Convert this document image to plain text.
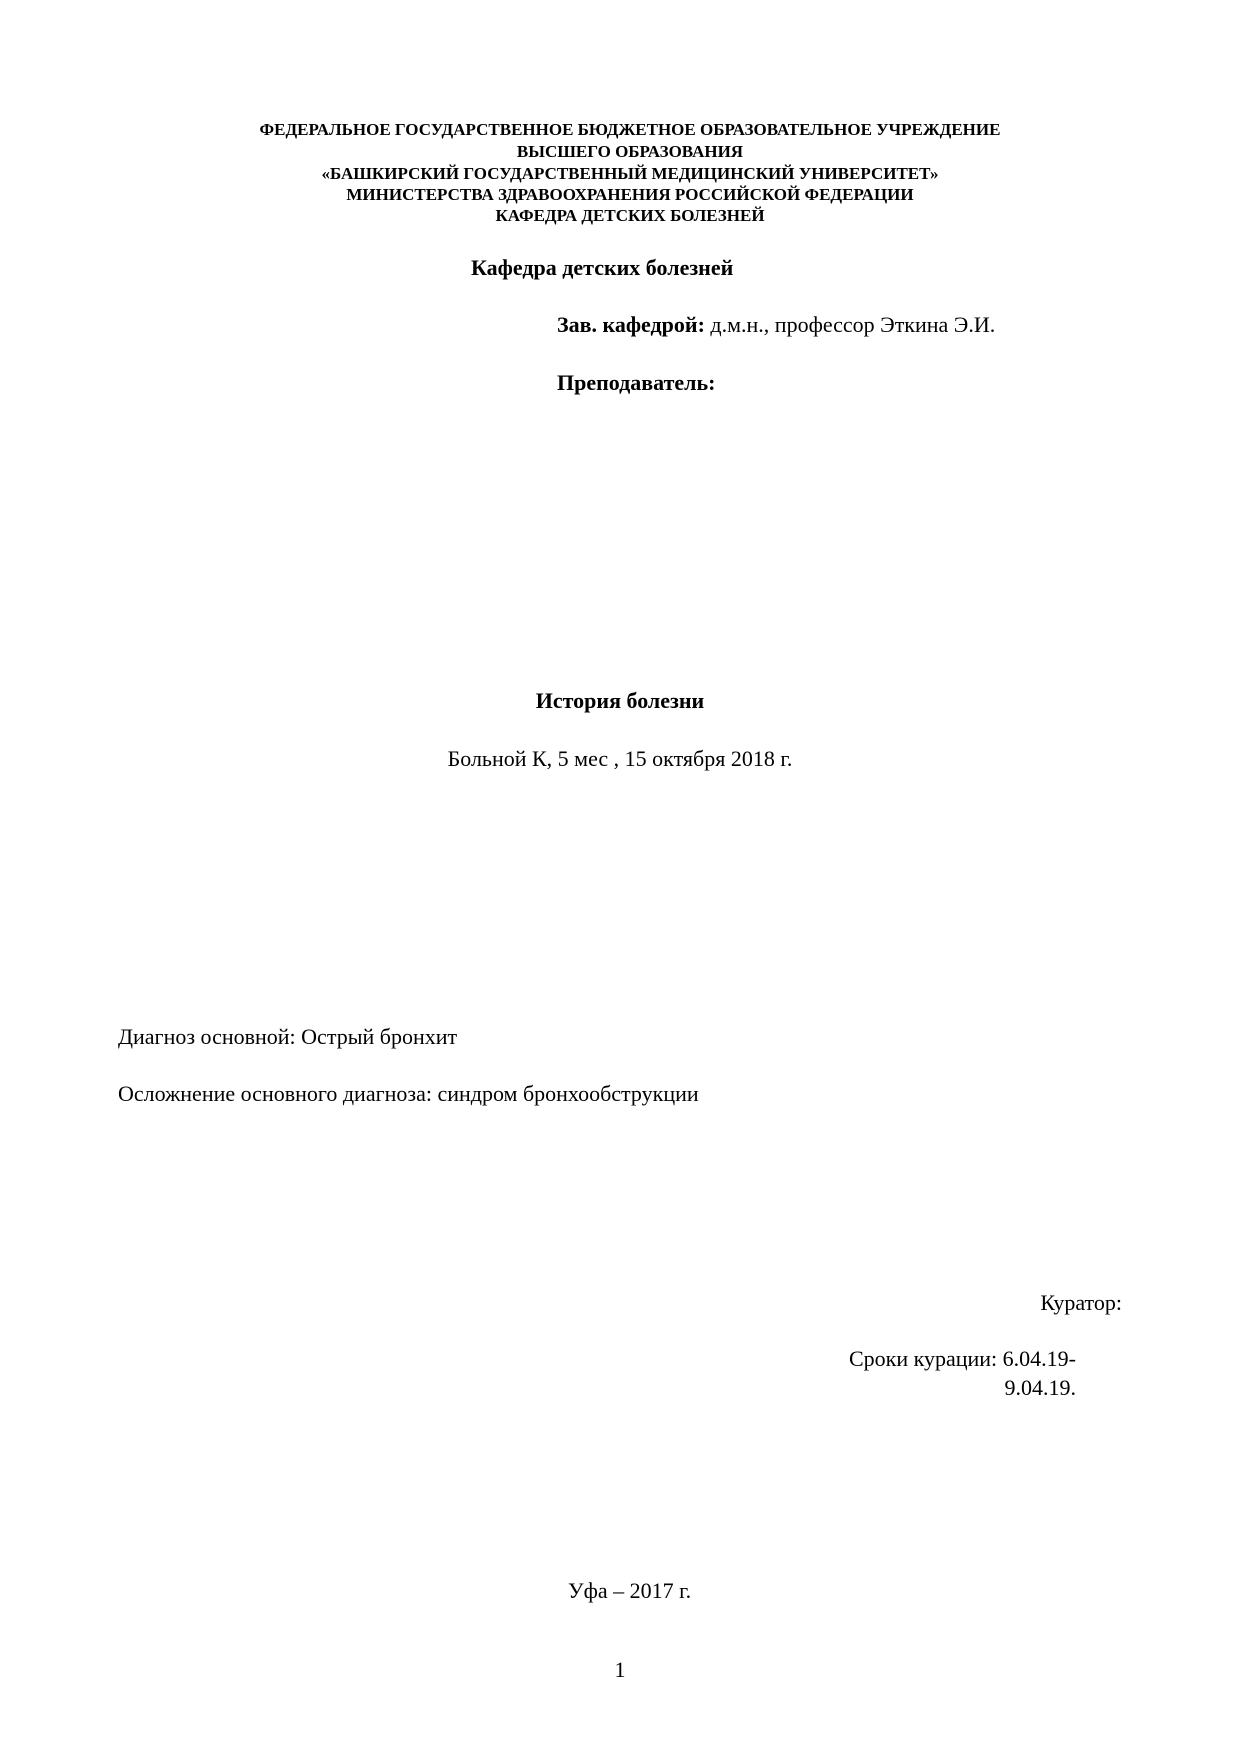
ФЕДЕРАЛЬНОЕ ГОСУДАРСТВЕННОЕ БЮДЖЕТНОЕ ОБРАЗОВАТЕЛЬНОЕ УЧРЕЖДЕНИЕ
ВЫСШЕГО ОБРАЗОВАНИЯ
«БАШКИРСКИЙ ГОСУДАРСТВЕННЫЙ МЕДИЦИНСКИЙ УНИВЕРСИТЕТ»
МИНИСТЕРСТВА ЗДРАВООХРАНЕНИЯ РОССИЙСКОЙ ФЕДЕРАЦИИ
КАФЕДРА ДЕТСКИХ БОЛЕЗНЕЙ
Кафедра детских болезней
Зав. кафедрой: д.м.н., профессор Эткина Э.И.
Преподаватель:
История болезни
Больной К, 5 мес , 15 октября 2018 г.
Диагноз основной: Острый бронхит
Осложнение основного диагноза: синдром бронхообструкции
Куратор:
Сроки курации: 6.04.19-
9.04.19.
Уфа – 2017 г.
1
